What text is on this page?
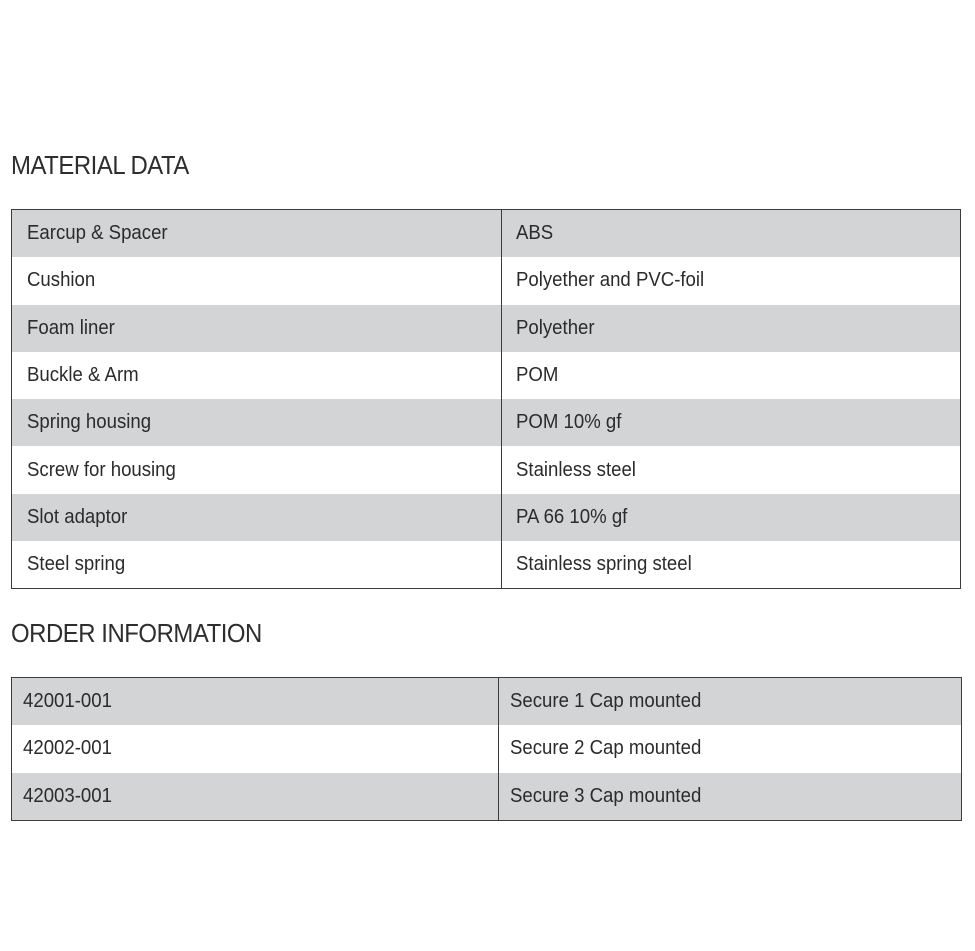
MATERIAL DATA
Earcup & Spacer	ABS
Cushion	Polyether and PVC-foil
Foam liner	Polyether
Buckle & Arm	POM
Spring housing	POM 10% gf
Screw for housing	Stainless steel
Slot adaptor	PA 66 10% gf
Steel spring	Stainless spring steel
ORDER INFORMATION
42001-001	Secure 1 Cap mounted
42002-001	Secure 2 Cap mounted
42003-001	Secure 3 Cap mounted
